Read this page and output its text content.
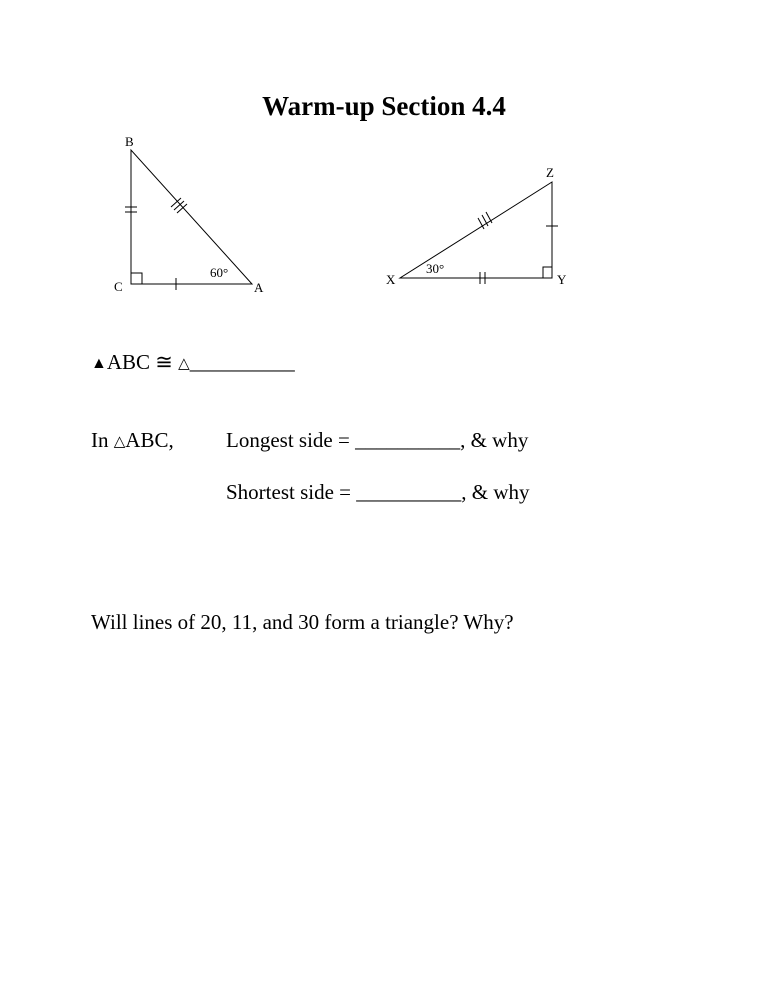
Warm-up Section 4.4
B
C	A
60°
Z
X	Y
30°
▲ABC ≅ △__________
In △ABC, Longest side = __________, & why
Shortest side = __________, & why
Will lines of 20, 11, and 30 form a triangle? Why?
